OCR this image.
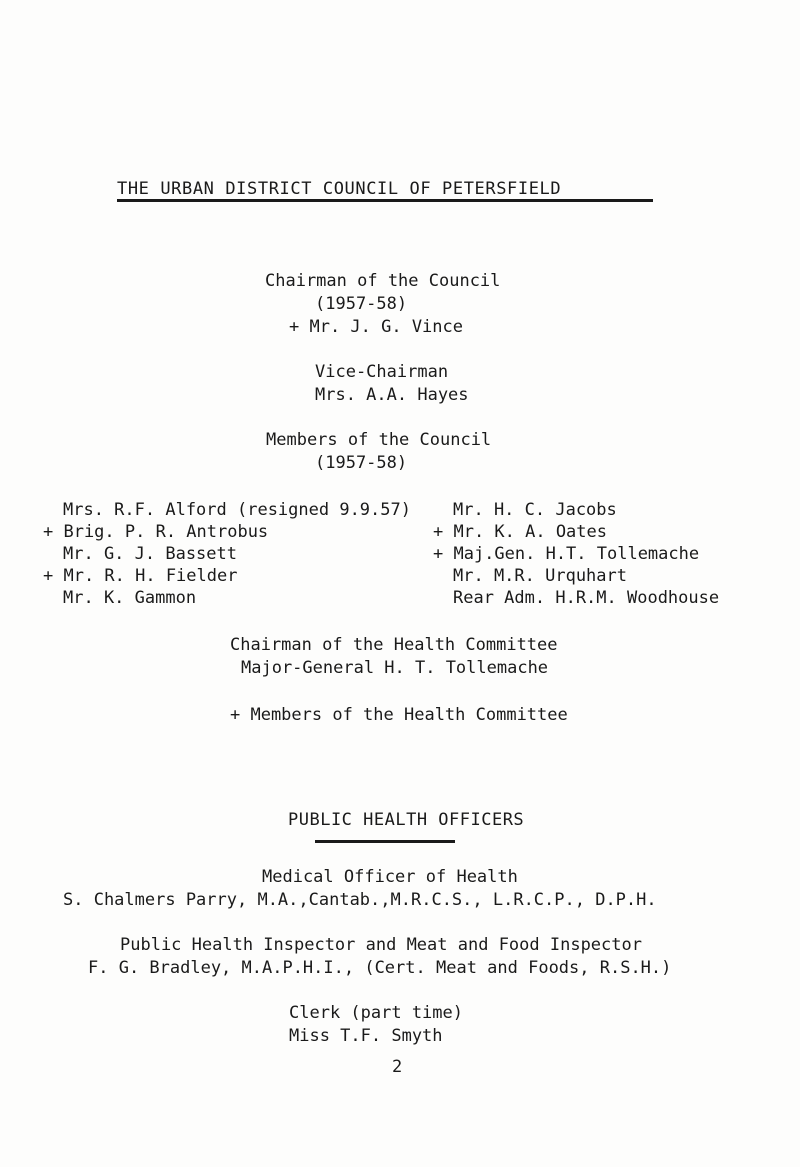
THE URBAN DISTRICT COUNCIL OF PETERSFIELD
Chairman of the Council
(1957-58)
+ Mr. J. G. Vince
Vice-Chairman
Mrs. A.A. Hayes
Members of the Council
(1957-58)
Mrs. R.F. Alford (resigned 9.9.57)
+ Brig. P. R. Antrobus
Mr. G. J. Bassett
+ Mr. R. H. Fielder
Mr. K. Gammon
Mr. H. C. Jacobs
+ Mr. K. A. Oates
+ Maj.Gen. H.T. Tollemache
Mr. M.R. Urquhart
Rear Adm. H.R.M. Woodhouse
Chairman of the Health Committee
Major-General H. T. Tollemache
+ Members of the Health Committee
PUBLIC HEALTH OFFICERS
Medical Officer of Health
S. Chalmers Parry, M.A.,Cantab.,M.R.C.S., L.R.C.P., D.P.H.
Public Health Inspector and Meat and Food Inspector
F. G. Bradley, M.A.P.H.I., (Cert. Meat and Foods, R.S.H.)
Clerk (part time)
Miss T.F. Smyth
2
